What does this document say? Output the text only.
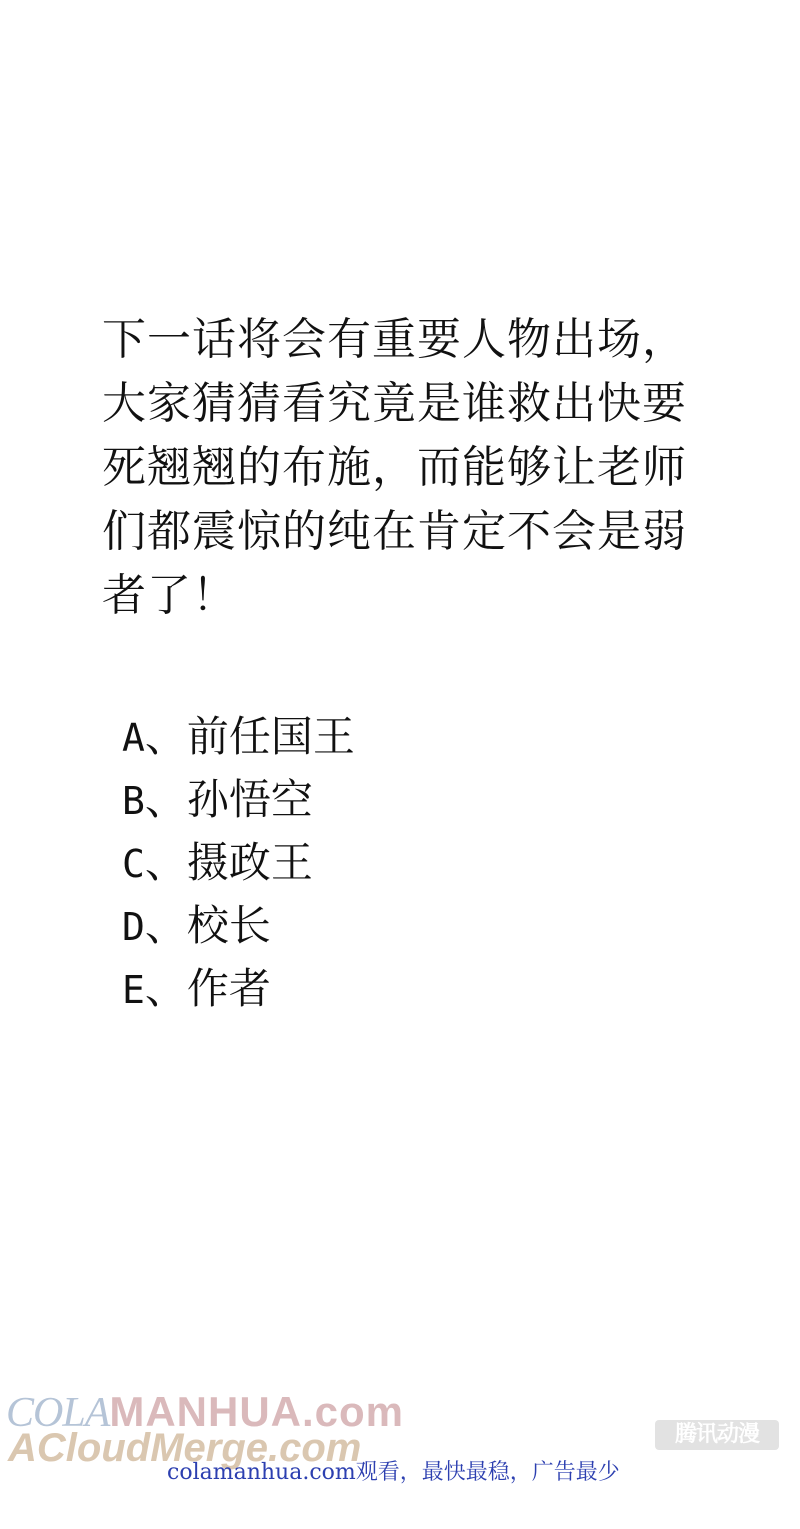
下一话将会有重要人物出场，
大家猜猜看究竟是谁救出快要
死翘翘的布施，而能够让老师
们都震惊的纯在肯定不会是弱
者了！
A、前任国王
B、孙悟空
C、摄政王
D、校长
E、作者
COLAMANHUA.com
ACloudMerge.com	腾讯动漫
colamanhua.com观看，最快最稳，广告最少
